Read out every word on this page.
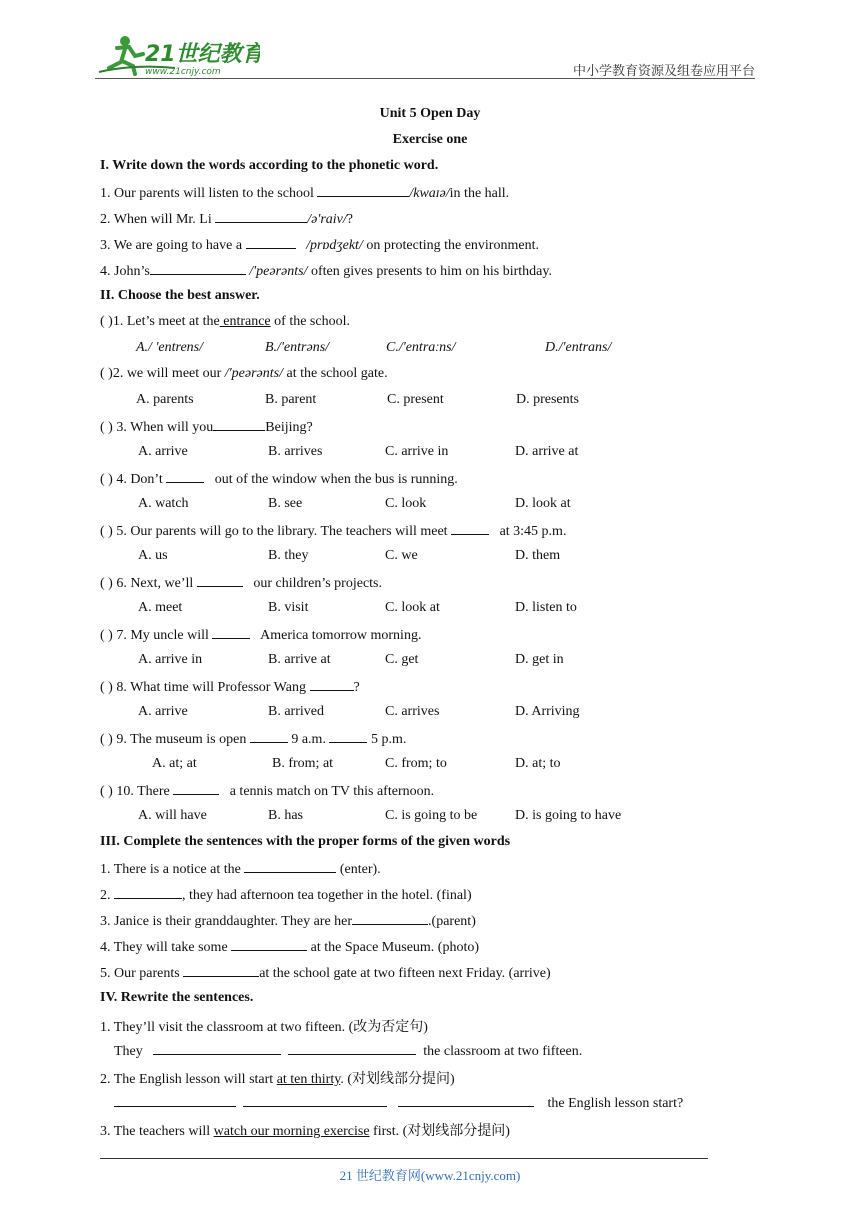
21世纪教育
www.21cnjy.com	中小学教育资源及组卷应用平台
Unit 5 Open Day
Exercise one
I. Write down the words according to the phonetic word.
1. Our parents will listen to the school	/kwaɪə/in the hall.
2. When will Mr. Li	/ə'raiv/?
3. We are going to have a	/prɒdʒekt/ on protecting the environment.
4. John’s	/'peərənts/ often gives presents to him on his birthday.
II. Choose the best answer.
( )1. Let’s meet at the entrance of the school.
A./ 'entrens/	B./'entrəns/	C./'entraːns/	D./'entrans/
( )2. we will meet our /'peərənts/ at the school gate.
A. parents	B. parent	C. present	D. presents
( ) 3. When will you	Beijing?
A. arrive	B. arrives	C. arrive in	D. arrive at
( ) 4. Don’t	out of the window when the bus is running.
A. watch	B. see	C. look	D. look at
( ) 5. Our parents will go to the library. The teachers will meet	at 3:45 p.m.
A. us	B. they	C. we	D. them
( ) 6. Next, we’ll	our children’s projects.
A. meet	B. visit	C. look at	D. listen to
( ) 7. My uncle will	America tomorrow morning.
A. arrive in	B. arrive at	C. get	D. get in
( ) 8. What time will Professor Wang	?
A. arrive	B. arrived	C. arrives	D. Arriving
( ) 9. The museum is open	9 a.m.	5 p.m.
A. at; at	B. from; at	C. from; to	D. at; to
( ) 10. There	a tennis match on TV this afternoon.
A. will have	B. has	C. is going to be	D. is going to have
III. Complete the sentences with the proper forms of the given words
1. There is a notice at the	(enter).
2.	, they had afternoon tea together in the hotel. (final)
3. Janice is their granddaughter. They are her	.(parent)
4. They will take some	at the Space Museum. (photo)
5. Our parents	at the school gate at two fifteen next Friday. (arrive)
IV. Rewrite the sentences.
1. They’ll visit the classroom at two fifteen. (改为否定句)
They	the classroom at two fifteen.
2. The English lesson will start at ten thirty. (对划线部分提问)
the English lesson start?
3. The teachers will watch our morning exercise first. (对划线部分提问)
21 世纪教育网(www.21cnjy.com)
